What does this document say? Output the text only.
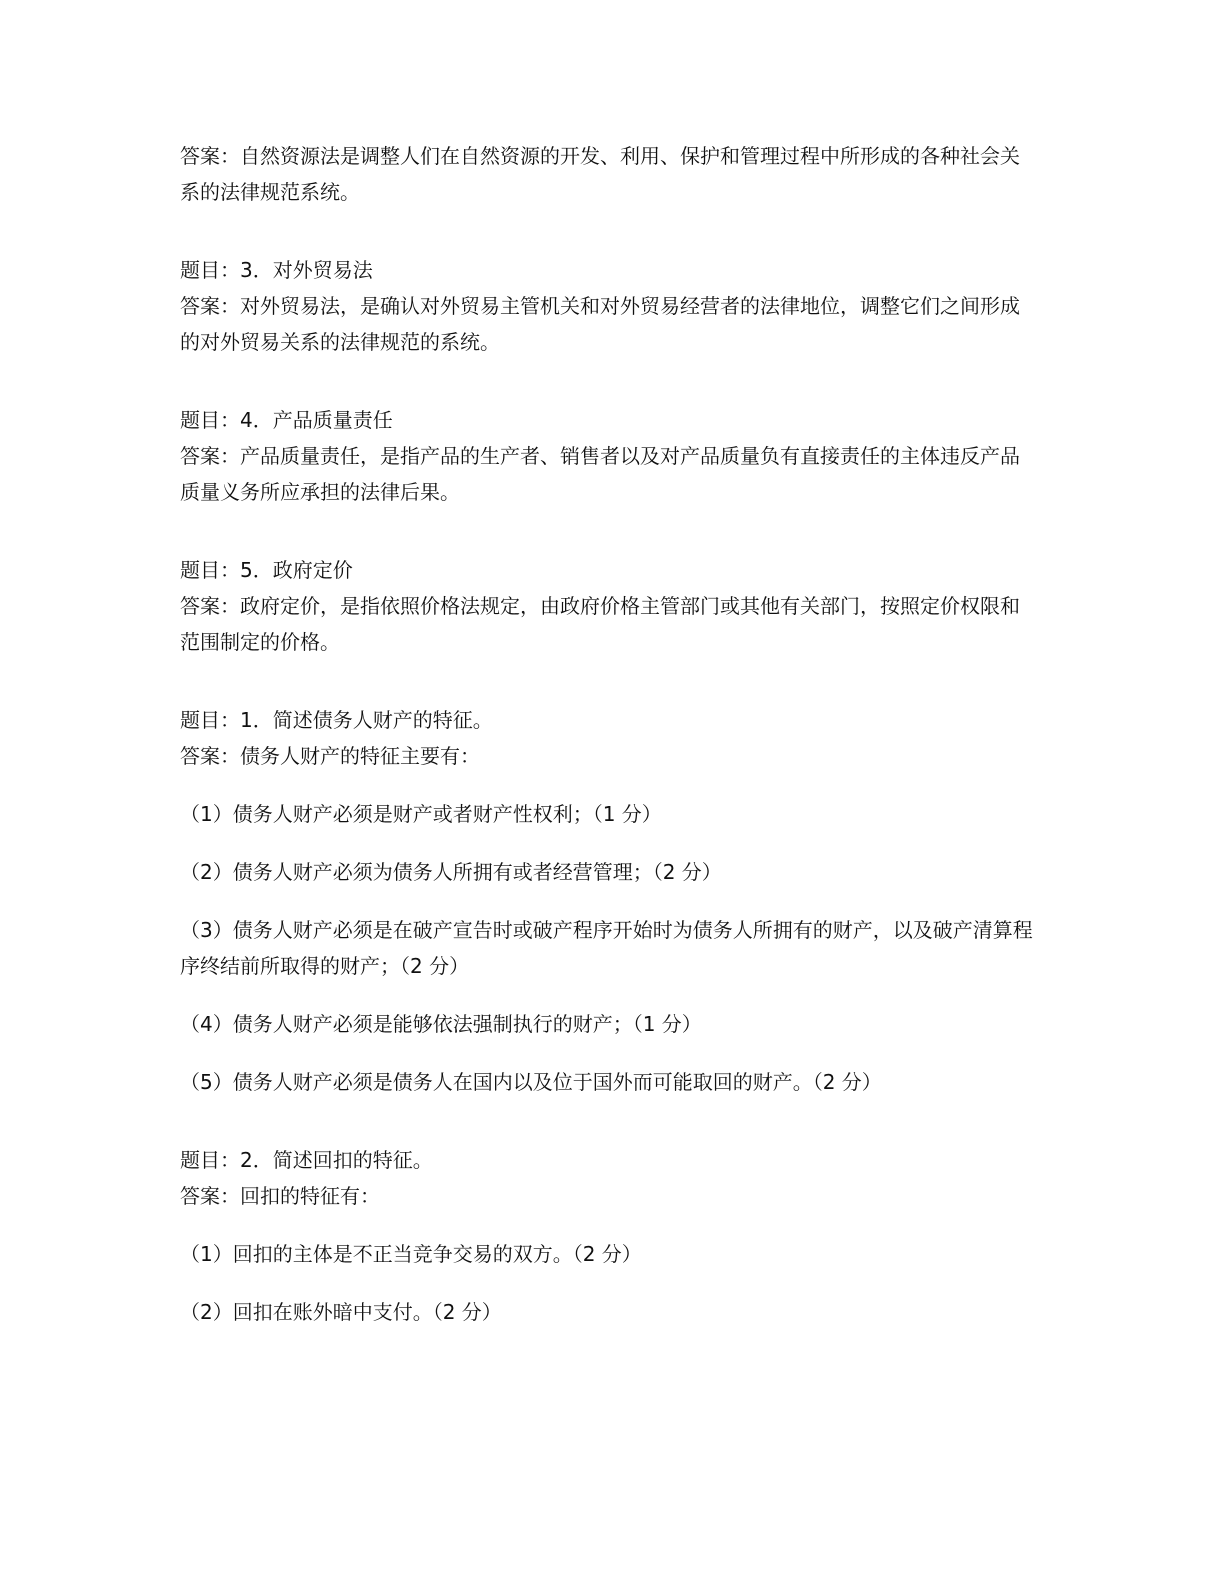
答案：自然资源法是调整人们在自然资源的开发、利用、保护和管理过程中所形成的各种社会关系的法律规范系统。

题目：3．对外贸易法

答案：对外贸易法，是确认对外贸易主管机关和对外贸易经营者的法律地位，调整它们之间形成的对外贸易关系的法律规范的系统。

题目：4．产品质量责任

答案：产品质量责任，是指产品的生产者、销售者以及对产品质量负有直接责任的主体违反产品质量义务所应承担的法律后果。

题目：5．政府定价

答案：政府定价，是指依照价格法规定，由政府价格主管部门或其他有关部门，按照定价权限和范围制定的价格。

题目：1．简述债务人财产的特征。

答案：债务人财产的特征主要有：

（1）债务人财产必须是财产或者财产性权利；（1 分）

（2）债务人财产必须为债务人所拥有或者经营管理；（2 分）

（3）债务人财产必须是在破产宣告时或破产程序开始时为债务人所拥有的财产，以及破产清算程序终结前所取得的财产；（2 分）

（4）债务人财产必须是能够依法强制执行的财产；（1 分）

（5）债务人财产必须是债务人在国内以及位于国外而可能取回的财产。（2 分）

题目：2．简述回扣的特征。

答案：回扣的特征有：

（1）回扣的主体是不正当竞争交易的双方。（2 分）

（2）回扣在账外暗中支付。（2 分）
